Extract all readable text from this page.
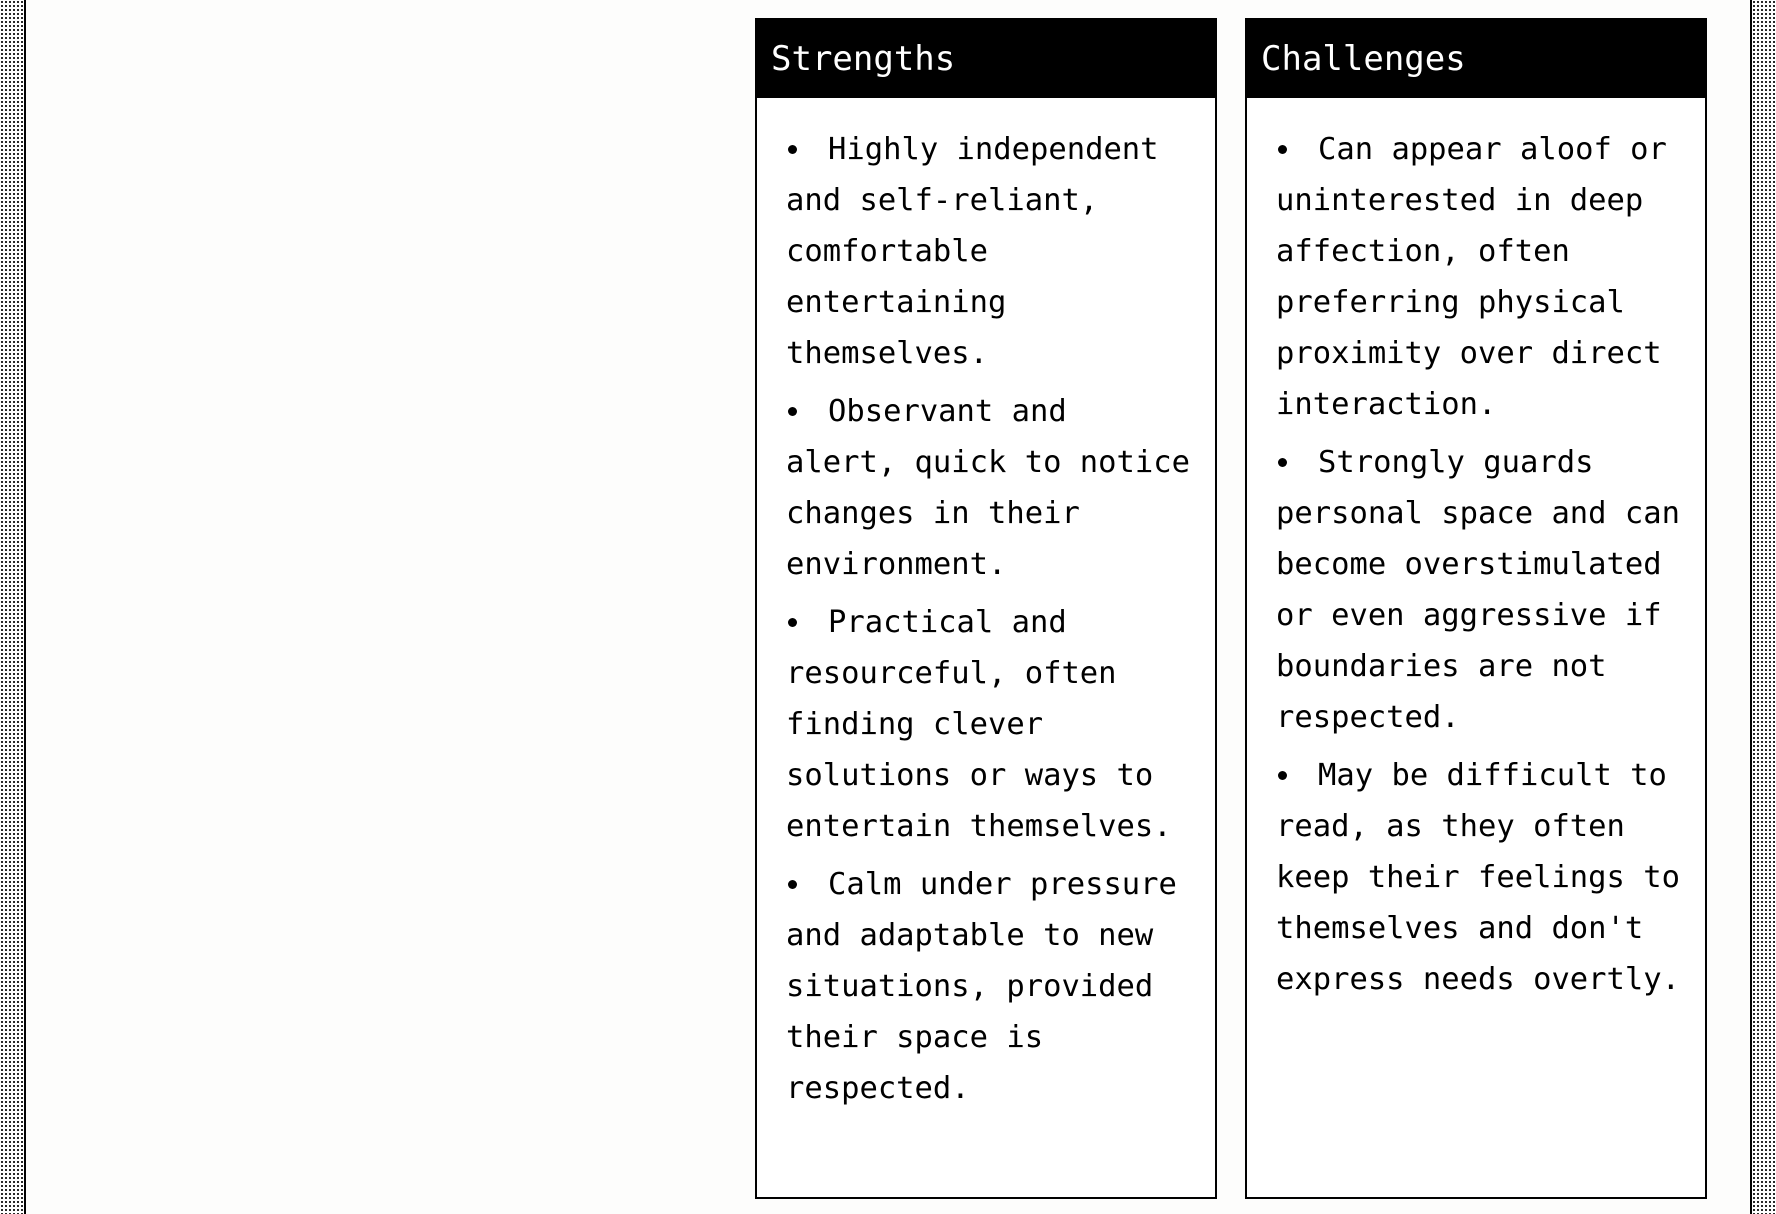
Strengths
Highly independent and self-reliant, comfortable entertaining themselves.
Observant and alert, quick to notice changes in their environment.
Practical and resourceful, often finding clever solutions or ways to entertain themselves.
Calm under pressure and adaptable to new situations, provided their space is respected.
Challenges
Can appear aloof or uninterested in deep affection, often preferring physical proximity over direct interaction.
Strongly guards personal space and can become overstimulated or even aggressive if boundaries are not respected.
May be difficult to read, as they often keep their feelings to themselves and don't express needs overtly.
